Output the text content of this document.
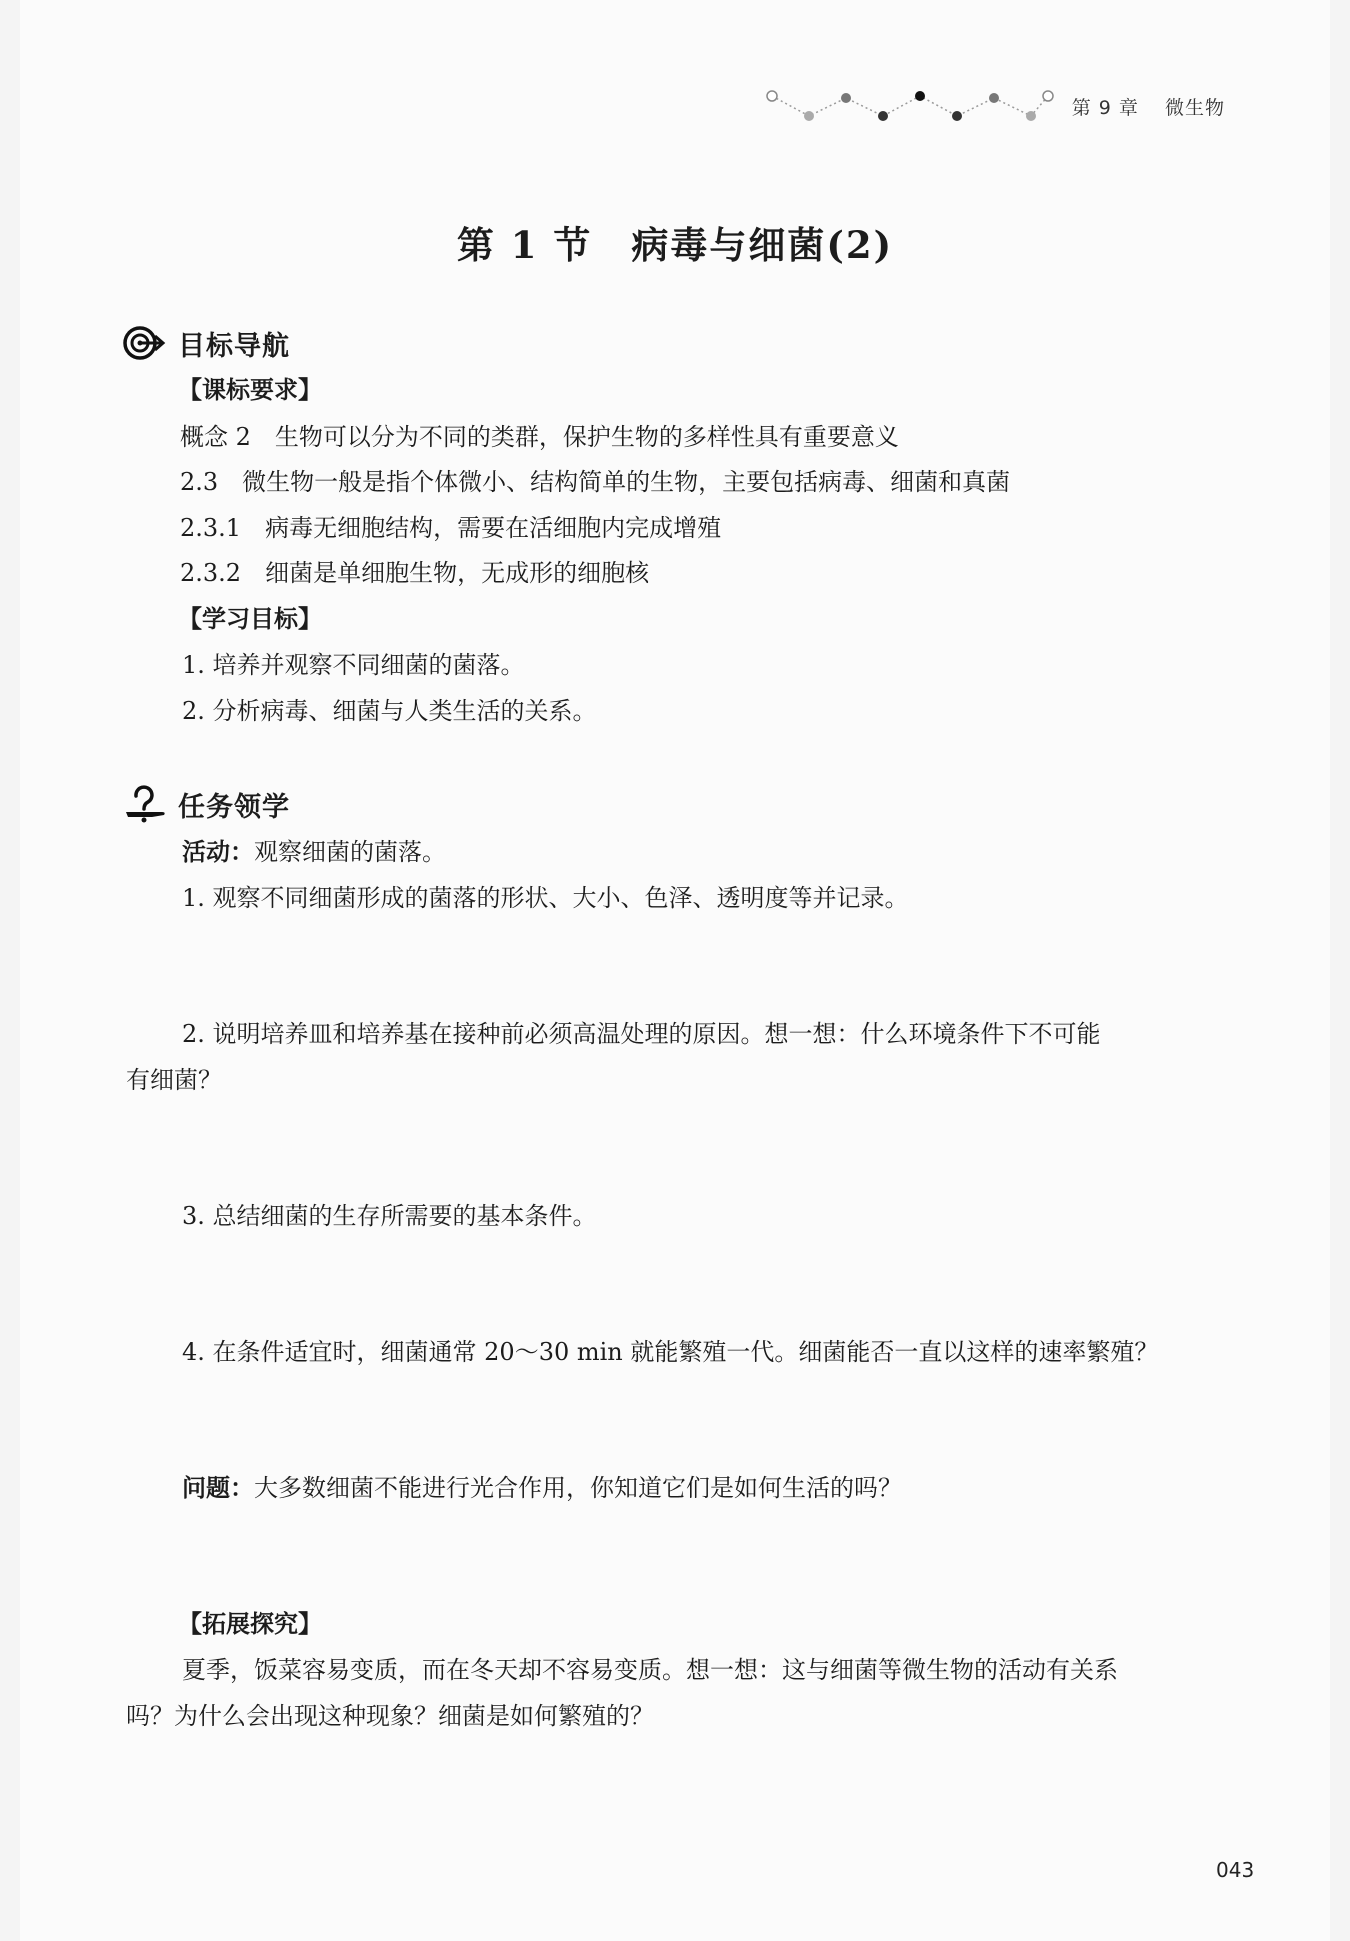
第 9 章 微生物
第 1 节　病毒与细菌(2)
目标导航
【课标要求】
概念 2　生物可以分为不同的类群，保护生物的多样性具有重要意义
2.3　微生物一般是指个体微小、结构简单的生物，主要包括病毒、细菌和真菌
2.3.1　病毒无细胞结构，需要在活细胞内完成增殖
2.3.2　细菌是单细胞生物，无成形的细胞核
【学习目标】
1. 培养并观察不同细菌的菌落。
2. 分析病毒、细菌与人类生活的关系。
任务领学
活动：观察细菌的菌落。
1. 观察不同细菌形成的菌落的形状、大小、色泽、透明度等并记录。
2. 说明培养皿和培养基在接种前必须高温处理的原因。想一想：什么环境条件下不可能
有细菌？
3. 总结细菌的生存所需要的基本条件。
4. 在条件适宜时，细菌通常 20～30 min 就能繁殖一代。细菌能否一直以这样的速率繁殖？
问题：大多数细菌不能进行光合作用，你知道它们是如何生活的吗？
【拓展探究】
夏季，饭菜容易变质，而在冬天却不容易变质。想一想：这与细菌等微生物的活动有关系
吗？为什么会出现这种现象？细菌是如何繁殖的？
043
